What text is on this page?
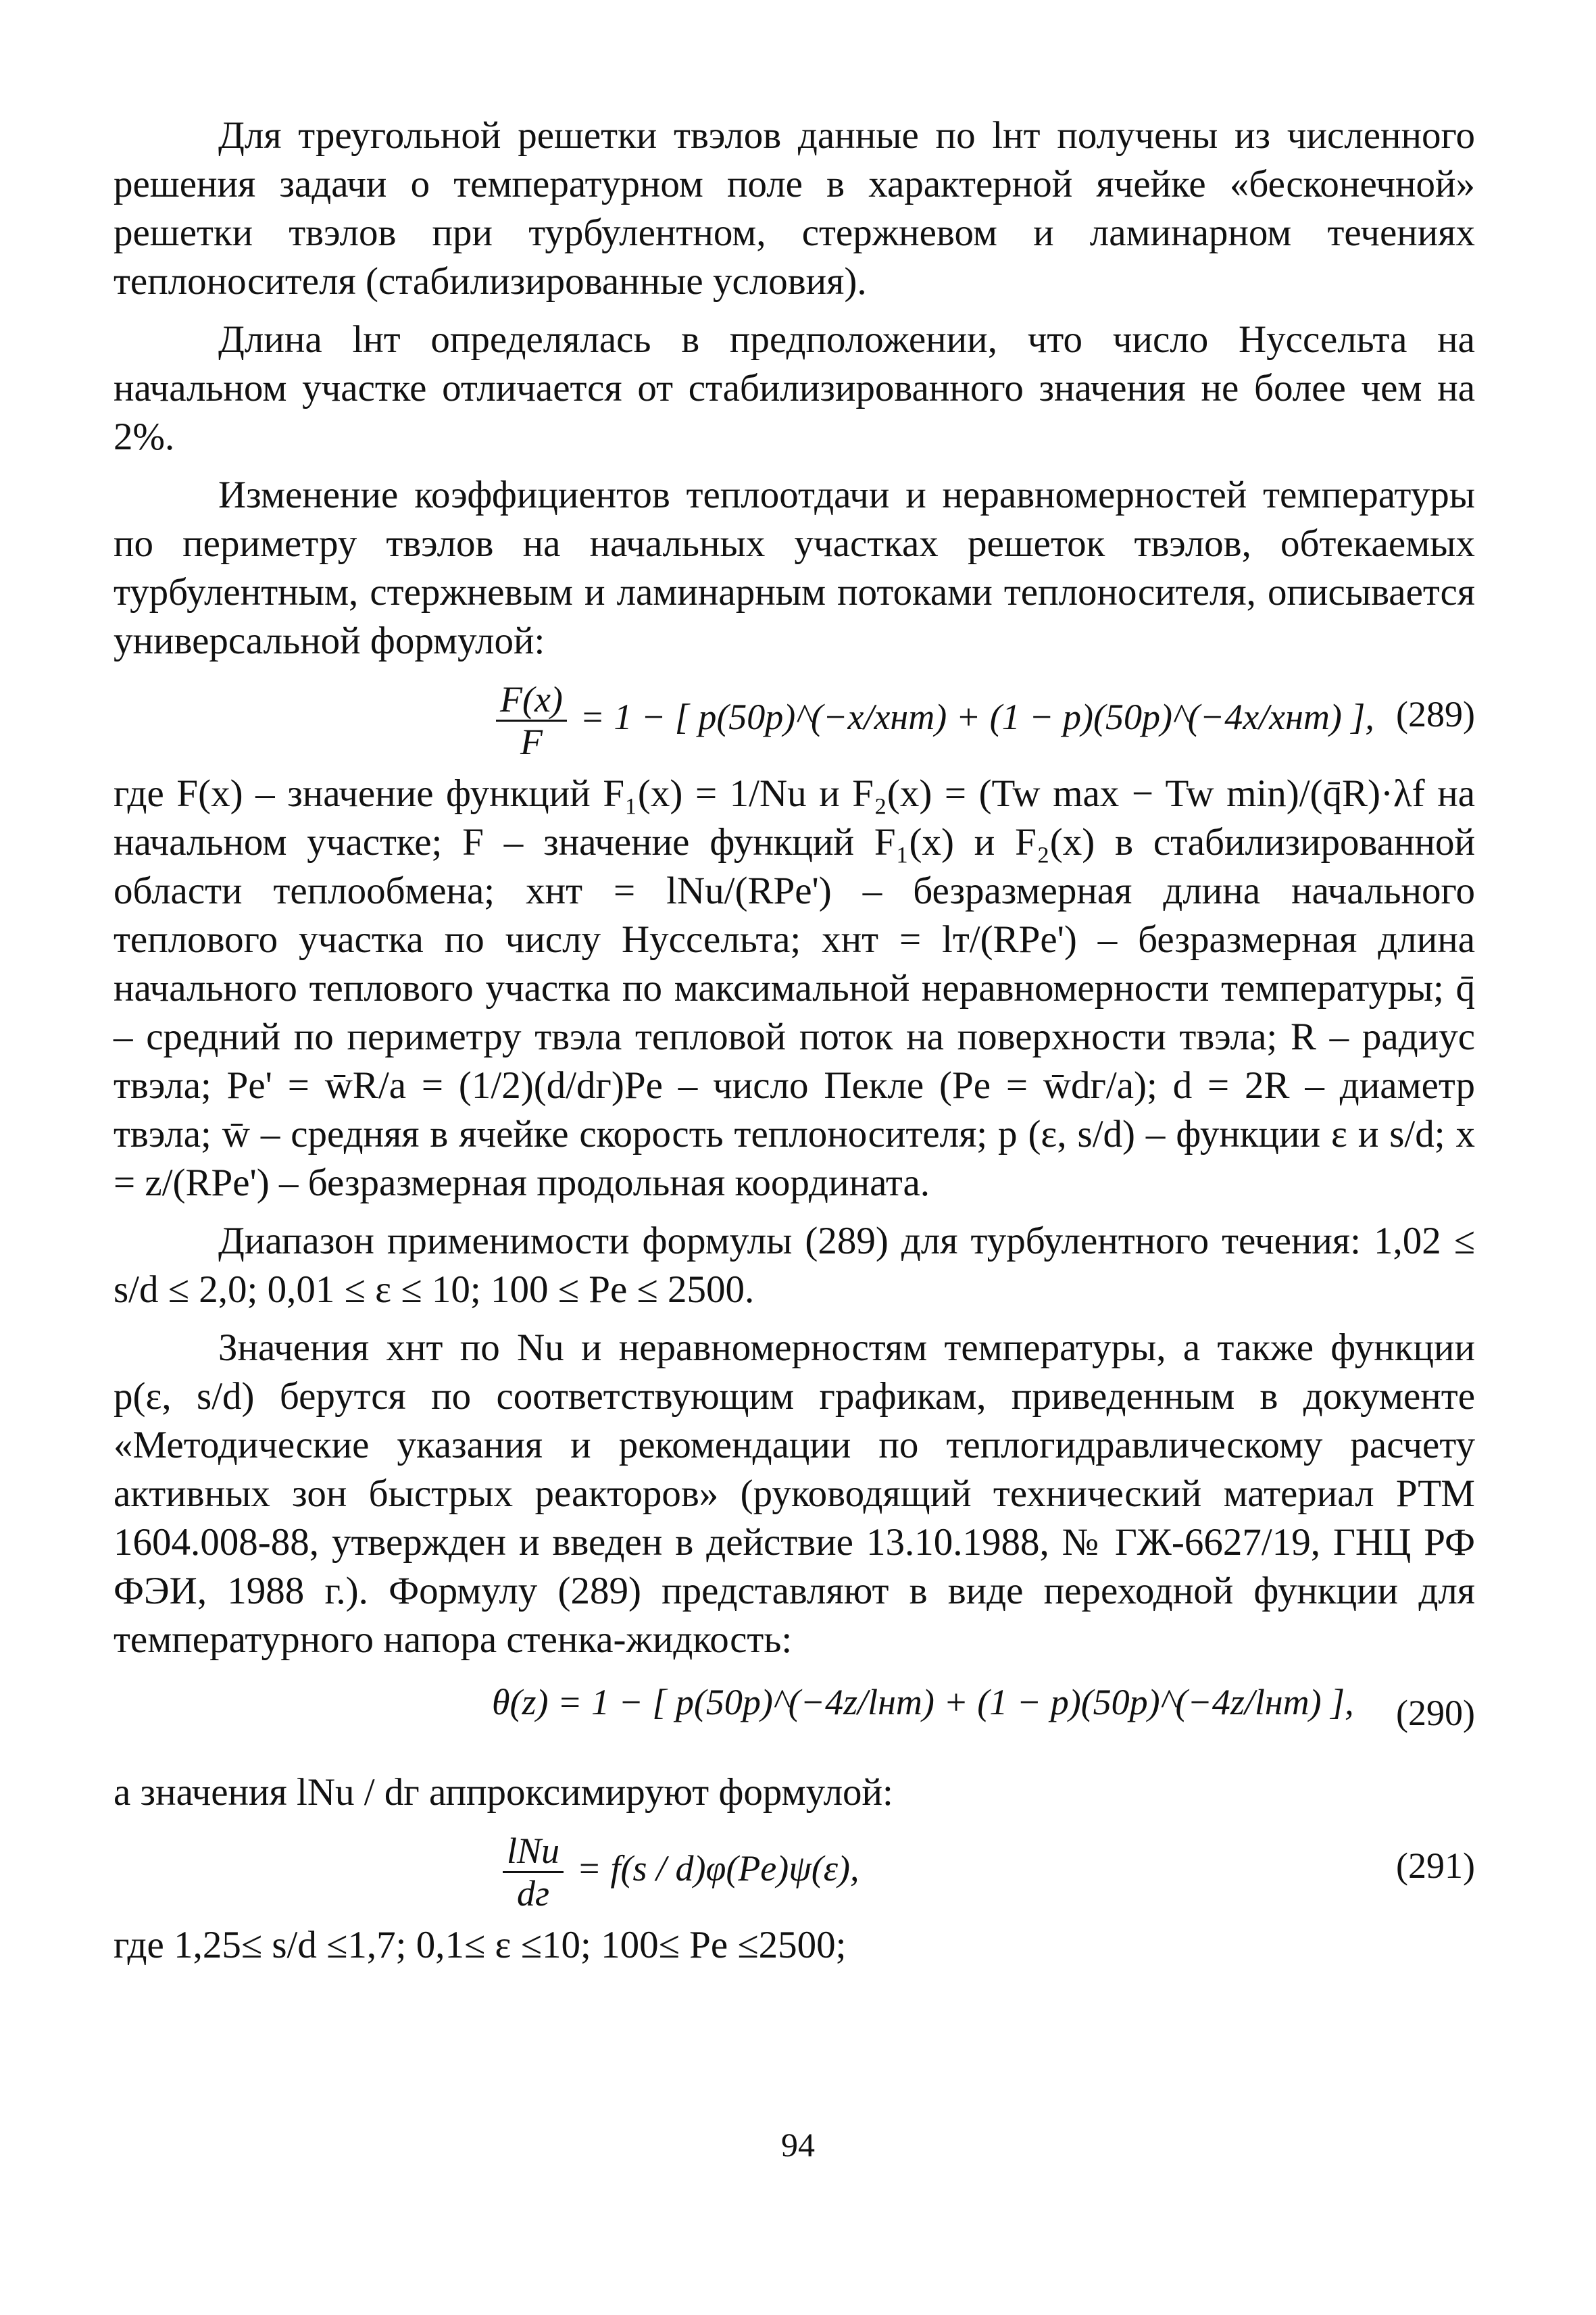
Для треугольной решетки твэлов данные по lнт получены из численного решения задачи о температурном поле в характерной ячейке «бесконечной» решетки твэлов при турбулентном, стержневом и ламинарном течениях теплоносителя (стабилизированные условия).

Длина lнт определялась в предположении, что число Нуссельта на начальном участке отличается от стабилизированного значения не более чем на 2%.

Изменение коэффициентов теплоотдачи и неравномерностей температуры по периметру твэлов на начальных участках решеток твэлов, обтекаемых турбулентным, стержневым и ламинарным потоками теплоносителя, описывается универсальной формулой:

$\frac{F(x)}{F} = 1$ − [ p(50p)^(−x/xнт) + (1 − p)(50p)^(−4x/xнт) ], (289)

где F(x) – значение функций F₁(x) = 1/Nu и F₂(x) = (Tw max − Tw min)/(q̄R)·λf на начальном участке; F – значение функций F₁(x) и F₂(x) в стабилизированной области теплообмена; xнт = lNu/(RPe') – безразмерная длина начального теплового участка по числу Нуссельта; xнт = lт/(RPe') – безразмерная длина начального теплового участка по максимальной неравномерности температуры; q̄ – средний по периметру твэла тепловой поток на поверхности твэла; R – радиус твэла; Pe' = w̄R/a = (1/2)(d/dг)Pe – число Пекле (Pe = w̄dг/a); d = 2R – диаметр твэла; w̄ – средняя в ячейке скорость теплоносителя; p (ε, s/d) – функции ε и s/d; x = z/(RPe') – безразмерная продольная координата.

Диапазон применимости формулы (289) для турбулентного течения: 1,02 ≤ s/d ≤ 2,0; 0,01 ≤ ε ≤ 10; 100 ≤ Pe ≤ 2500.

Значения xнт по Nu и неравномерностям температуры, а также функции p(ε, s/d) берутся по соответствующим графикам, приведенным в документе «Методические указания и рекомендации по теплогидравлическому расчету активных зон быстрых реакторов» (руководящий технический материал РТМ 1604.008-88, утвержден и введен в действие 13.10.1988, № ГЖ-6627/19, ГНЦ РФ ФЭИ, 1988 г.). Формулу (289) представляют в виде переходной функции для температурного напора стенка-жидкость:

θ(z) = 1 − [ p(50p)^(−4z/lнт) + (1 − p)(50p)^(−4z/lнт) ], (290)

а значения lNu / dг аппроксимируют формулой:

$\frac{\text{lNu}}{dг} = f(s / d)\varphi(Pe)\psi(\varepsilon)$,	(291)

где 1,25≤ s/d ≤1,7; 0,1≤ ε ≤10; 100≤ Pe ≤2500;

94
